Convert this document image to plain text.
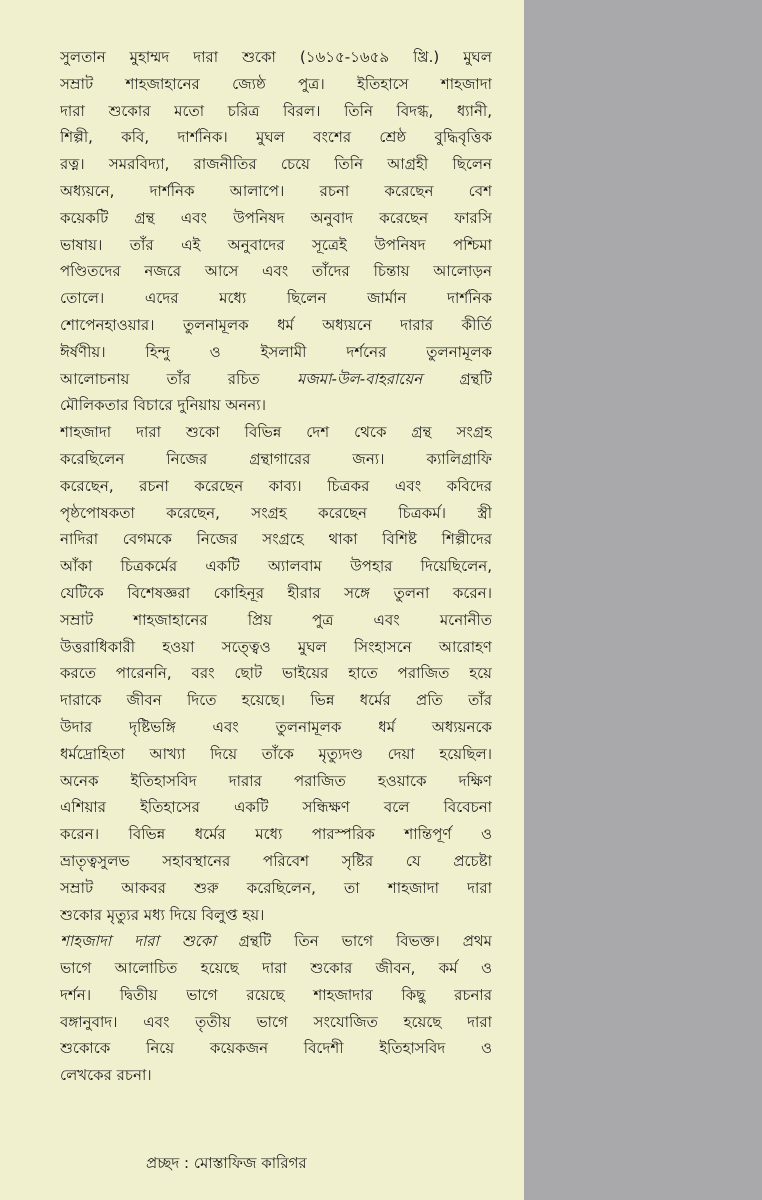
সুলতান মুহাম্মদ দারা শুকো (১৬১৫-১৬৫৯ খ্রি.) মুঘল
সম্রাট শাহজাহানের জ্যেষ্ঠ পুত্র। ইতিহাসে শাহজাদা
দারা শুকোর মতো চরিত্র বিরল। তিনি বিদগ্ধ, ধ্যানী,
শিল্পী, কবি, দার্শনিক। মুঘল বংশের শ্রেষ্ঠ বুদ্ধিবৃত্তিক
রত্ন। সমরবিদ্যা, রাজনীতির চেয়ে তিনি আগ্রহী ছিলেন
অধ্যয়নে, দার্শনিক আলাপে। রচনা করেছেন বেশ
কয়েকটি গ্রন্থ এবং উপনিষদ অনুবাদ করেছেন ফারসি
ভাষায়। তাঁর এই অনুবাদের সূত্রেই উপনিষদ পশ্চিমা
পণ্ডিতদের নজরে আসে এবং তাঁদের চিন্তায় আলোড়ন
তোলে। এদের মধ্যে ছিলেন জার্মান দার্শনিক
শোপেনহাওয়ার। তুলনামূলক ধর্ম অধ্যয়নে দারার কীর্তি
ঈর্ষণীয়। হিন্দু ও ইসলামী দর্শনের তুলনামূলক
আলোচনায় তাঁর রচিত মজমা-উল-বাহরায়েন গ্রন্থটি
মৌলিকতার বিচারে দুনিয়ায় অনন্য।
শাহজাদা দারা শুকো বিভিন্ন দেশ থেকে গ্রন্থ সংগ্রহ
করেছিলেন নিজের গ্রন্থাগারের জন্য। ক্যালিগ্রাফি
করেছেন, রচনা করেছেন কাব্য। চিত্রকর এবং কবিদের
পৃষ্ঠপোষকতা করেছেন, সংগ্রহ করেছেন চিত্রকর্ম। স্ত্রী
নাদিরা বেগমকে নিজের সংগ্রহে থাকা বিশিষ্ট শিল্পীদের
আঁকা চিত্রকর্মের একটি অ্যালবাম উপহার দিয়েছিলেন,
যেটিকে বিশেষজ্ঞরা কোহিনূর হীরার সঙ্গে তুলনা করেন।
সম্রাট শাহজাহানের প্রিয় পুত্র এবং মনোনীত
উত্তরাধিকারী হওয়া সত্ত্বেও মুঘল সিংহাসনে আরোহণ
করতে পারেননি, বরং ছোট ভাইয়ের হাতে পরাজিত হয়ে
দারাকে জীবন দিতে হয়েছে। ভিন্ন ধর্মের প্রতি তাঁর
উদার দৃষ্টিভঙ্গি এবং তুলনামূলক ধর্ম অধ্যয়নকে
ধর্মদ্রোহিতা আখ্যা দিয়ে তাঁকে মৃত্যুদণ্ড দেয়া হয়েছিল।
অনেক ইতিহাসবিদ দারার পরাজিত হওয়াকে দক্ষিণ
এশিয়ার ইতিহাসের একটি সন্ধিক্ষণ বলে বিবেচনা
করেন। বিভিন্ন ধর্মের মধ্যে পারস্পরিক শান্তিপূর্ণ ও
ভ্রাতৃত্বসুলভ সহাবস্থানের পরিবেশ সৃষ্টির যে প্রচেষ্টা
সম্রাট আকবর শুরু করেছিলেন, তা শাহজাদা দারা
শুকোর মৃত্যুর মধ্য দিয়ে বিলুপ্ত হয়।
শাহজাদা দারা শুকো গ্রন্থটি তিন ভাগে বিভক্ত। প্রথম
ভাগে আলোচিত হয়েছে দারা শুকোর জীবন, কর্ম ও
দর্শন। দ্বিতীয় ভাগে রয়েছে শাহজাদার কিছু রচনার
বঙ্গানুবাদ। এবং তৃতীয় ভাগে সংযোজিত হয়েছে দারা
শুকোকে নিয়ে কয়েকজন বিদেশী ইতিহাসবিদ ও
লেখকের রচনা।
প্রচ্ছদ : মোস্তাফিজ কারিগর
